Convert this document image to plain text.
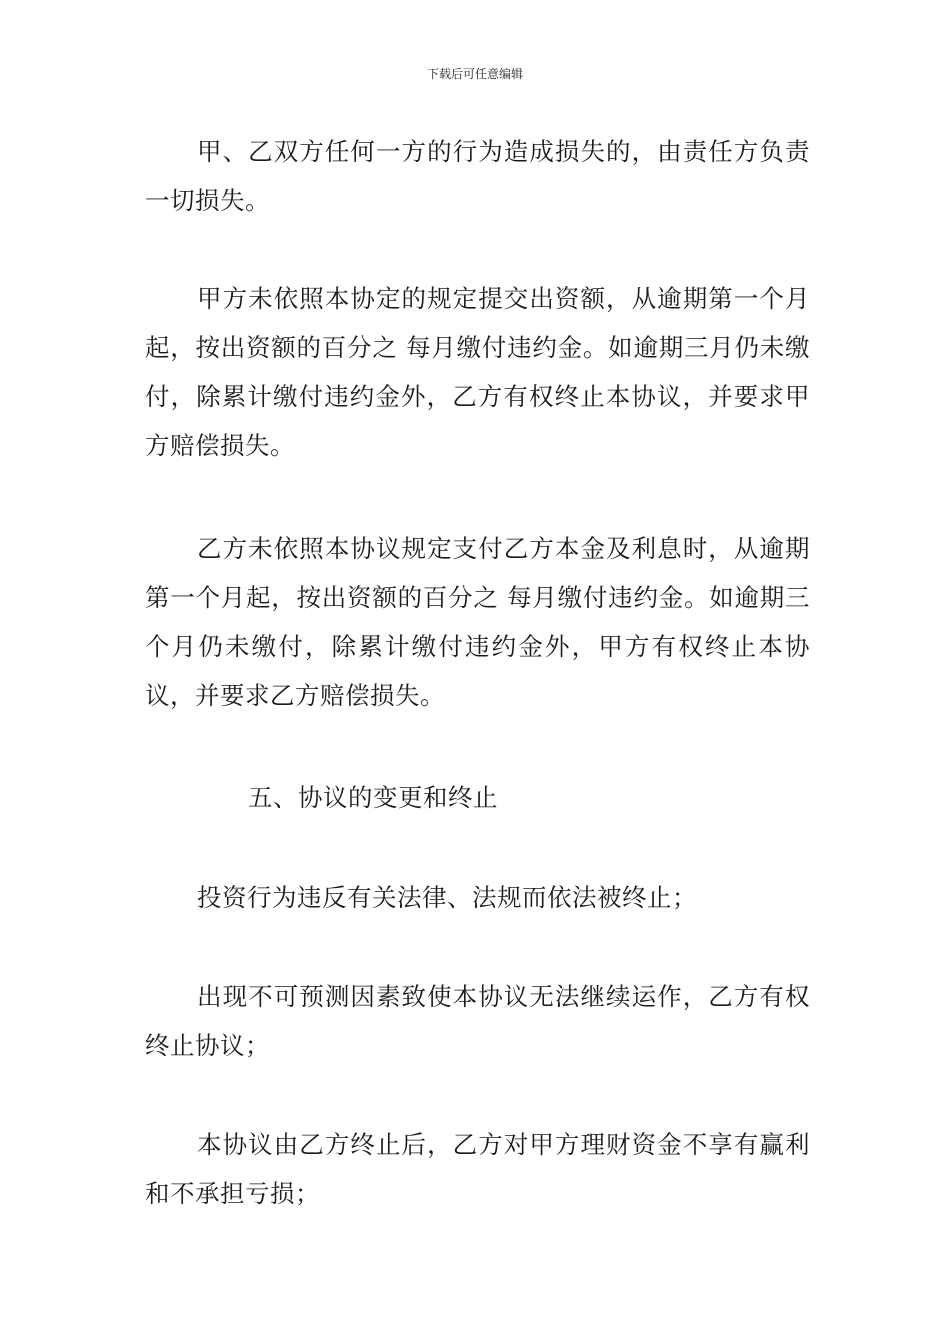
下载后可任意编辑

甲、乙双方任何一方的行为造成损失的，由责任方负责一切损失。

甲方未依照本协定的规定提交出资额，从逾期第一个月起，按出资额的百分之 每月缴付违约金。如逾期三月仍未缴付，除累计缴付违约金外，乙方有权终止本协议，并要求甲方赔偿损失。

乙方未依照本协议规定支付乙方本金及利息时，从逾期第一个月起，按出资额的百分之 每月缴付违约金。如逾期三个月仍未缴付，除累计缴付违约金外，甲方有权终止本协议，并要求乙方赔偿损失。

五、协议的变更和终止

投资行为违反有关法律、法规而依法被终止；

出现不可预测因素致使本协议无法继续运作，乙方有权终止协议；

本协议由乙方终止后，乙方对甲方理财资金不享有赢利和不承担亏损；
